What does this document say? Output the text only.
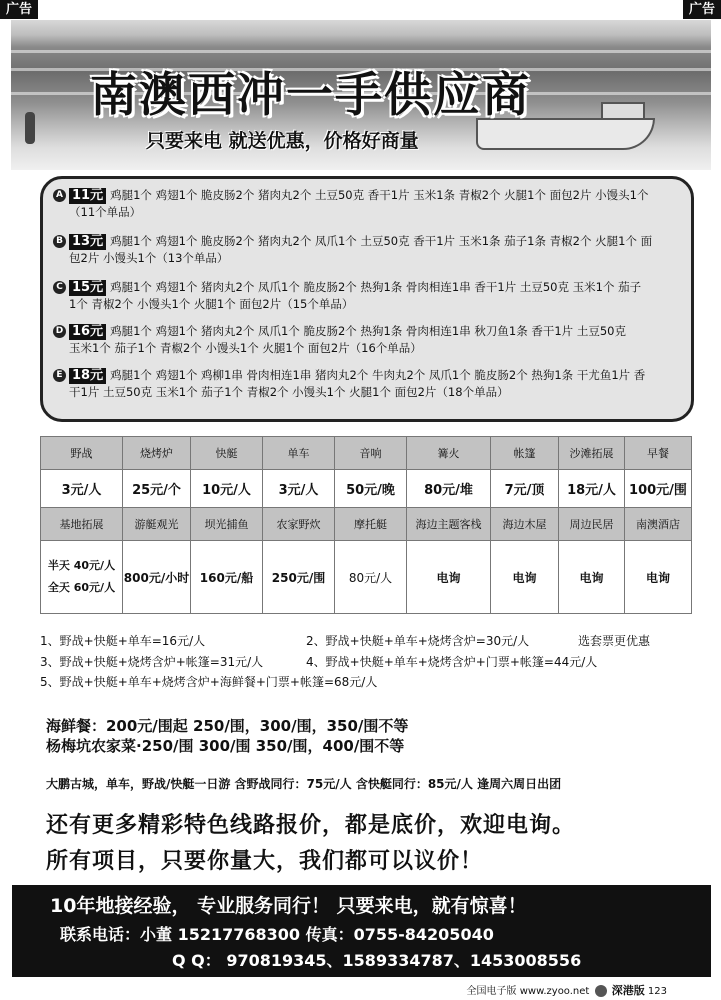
广告	广告
南澳西冲一手供应商
只要来电 就送优惠，价格好商量
A 11元 鸡腿1个 鸡翅1个 脆皮肠2个 猪肉丸2个 土豆50克 香干1片 玉米1条 青椒2个 火腿1个 面包2片 小馒头1个
（11个单品）
B 13元 鸡腿1个 鸡翅1个 脆皮肠2个 猪肉丸2个 凤爪1个 土豆50克 香干1片 玉米1条 茄子1条 青椒2个 火腿1个 面
包2片 小馒头1个（13个单品）
C 15元 鸡腿1个 鸡翅1个 猪肉丸2个 凤爪1个 脆皮肠2个 热狗1条 骨肉相连1串 香干1片 土豆50克 玉米1个 茄子
1个 青椒2个 小馒头1个 火腿1个 面包2片（15个单品）
D 16元 鸡腿1个 鸡翅1个 猪肉丸2个 凤爪1个 脆皮肠2个 热狗1条 骨肉相连1串 秋刀鱼1条 香干1片 土豆50克
玉米1个 茄子1个 青椒2个 小馒头1个 火腿1个 面包2片（16个单品）
E 18元 鸡腿1个 鸡翅1个 鸡柳1串 骨肉相连1串 猪肉丸2个 牛肉丸2个 凤爪1个 脆皮肠2个 热狗1条 干尤鱼1片 香
干1片 土豆50克 玉米1个 茄子1个 青椒2个 小馒头1个 火腿1个 面包2片（18个单品）
野战	烧烤炉	快艇	单车	音响	篝火	帐篷	沙滩拓展	早餐
3元/人	25元/个	10元/人	3元/人	50元/晚	80元/堆	7元/顶	18元/人	100元/围
基地拓展	游艇观光	坝光捕鱼	农家野炊	摩托艇	海边主题客栈	海边木屋	周边民居	南澳酒店

半天 40元/人
全天 60元/人	800元/小时	160元/船	250元/围	80元/人	电询	电询	电询	电询
1、野战+快艇+单车=16元/人	2、野战+快艇+单车+烧烤含炉=30元/人	选套票更优惠
3、野战+快艇+烧烤含炉+帐篷=31元/人	4、野战+快艇+单车+烧烤含炉+门票+帐篷=44元/人
5、野战+快艇+单车+烧烤含炉+海鲜餐+门票+帐篷=68元/人
海鲜餐：200元/围起 250/围，300/围，350/围不等
杨梅坑农家菜·250/围 300/围 350/围，400/围不等
大鹏古城，单车，野战/快艇一日游 含野战同行：75元/人 含快艇同行：85元/人 逢周六周日出团
还有更多精彩特色线路报价，都是底价，欢迎电询。
所有项目，只要你量大，我们都可以议价！
10年地接经验， 专业服务同行！ 只要来电，就有惊喜！
联系电话：小董 15217768300 传真：0755-84205040
Q Q： 970819345、1589334787、1453008556
全国电子版 www.zyoo.net 深港版 123
